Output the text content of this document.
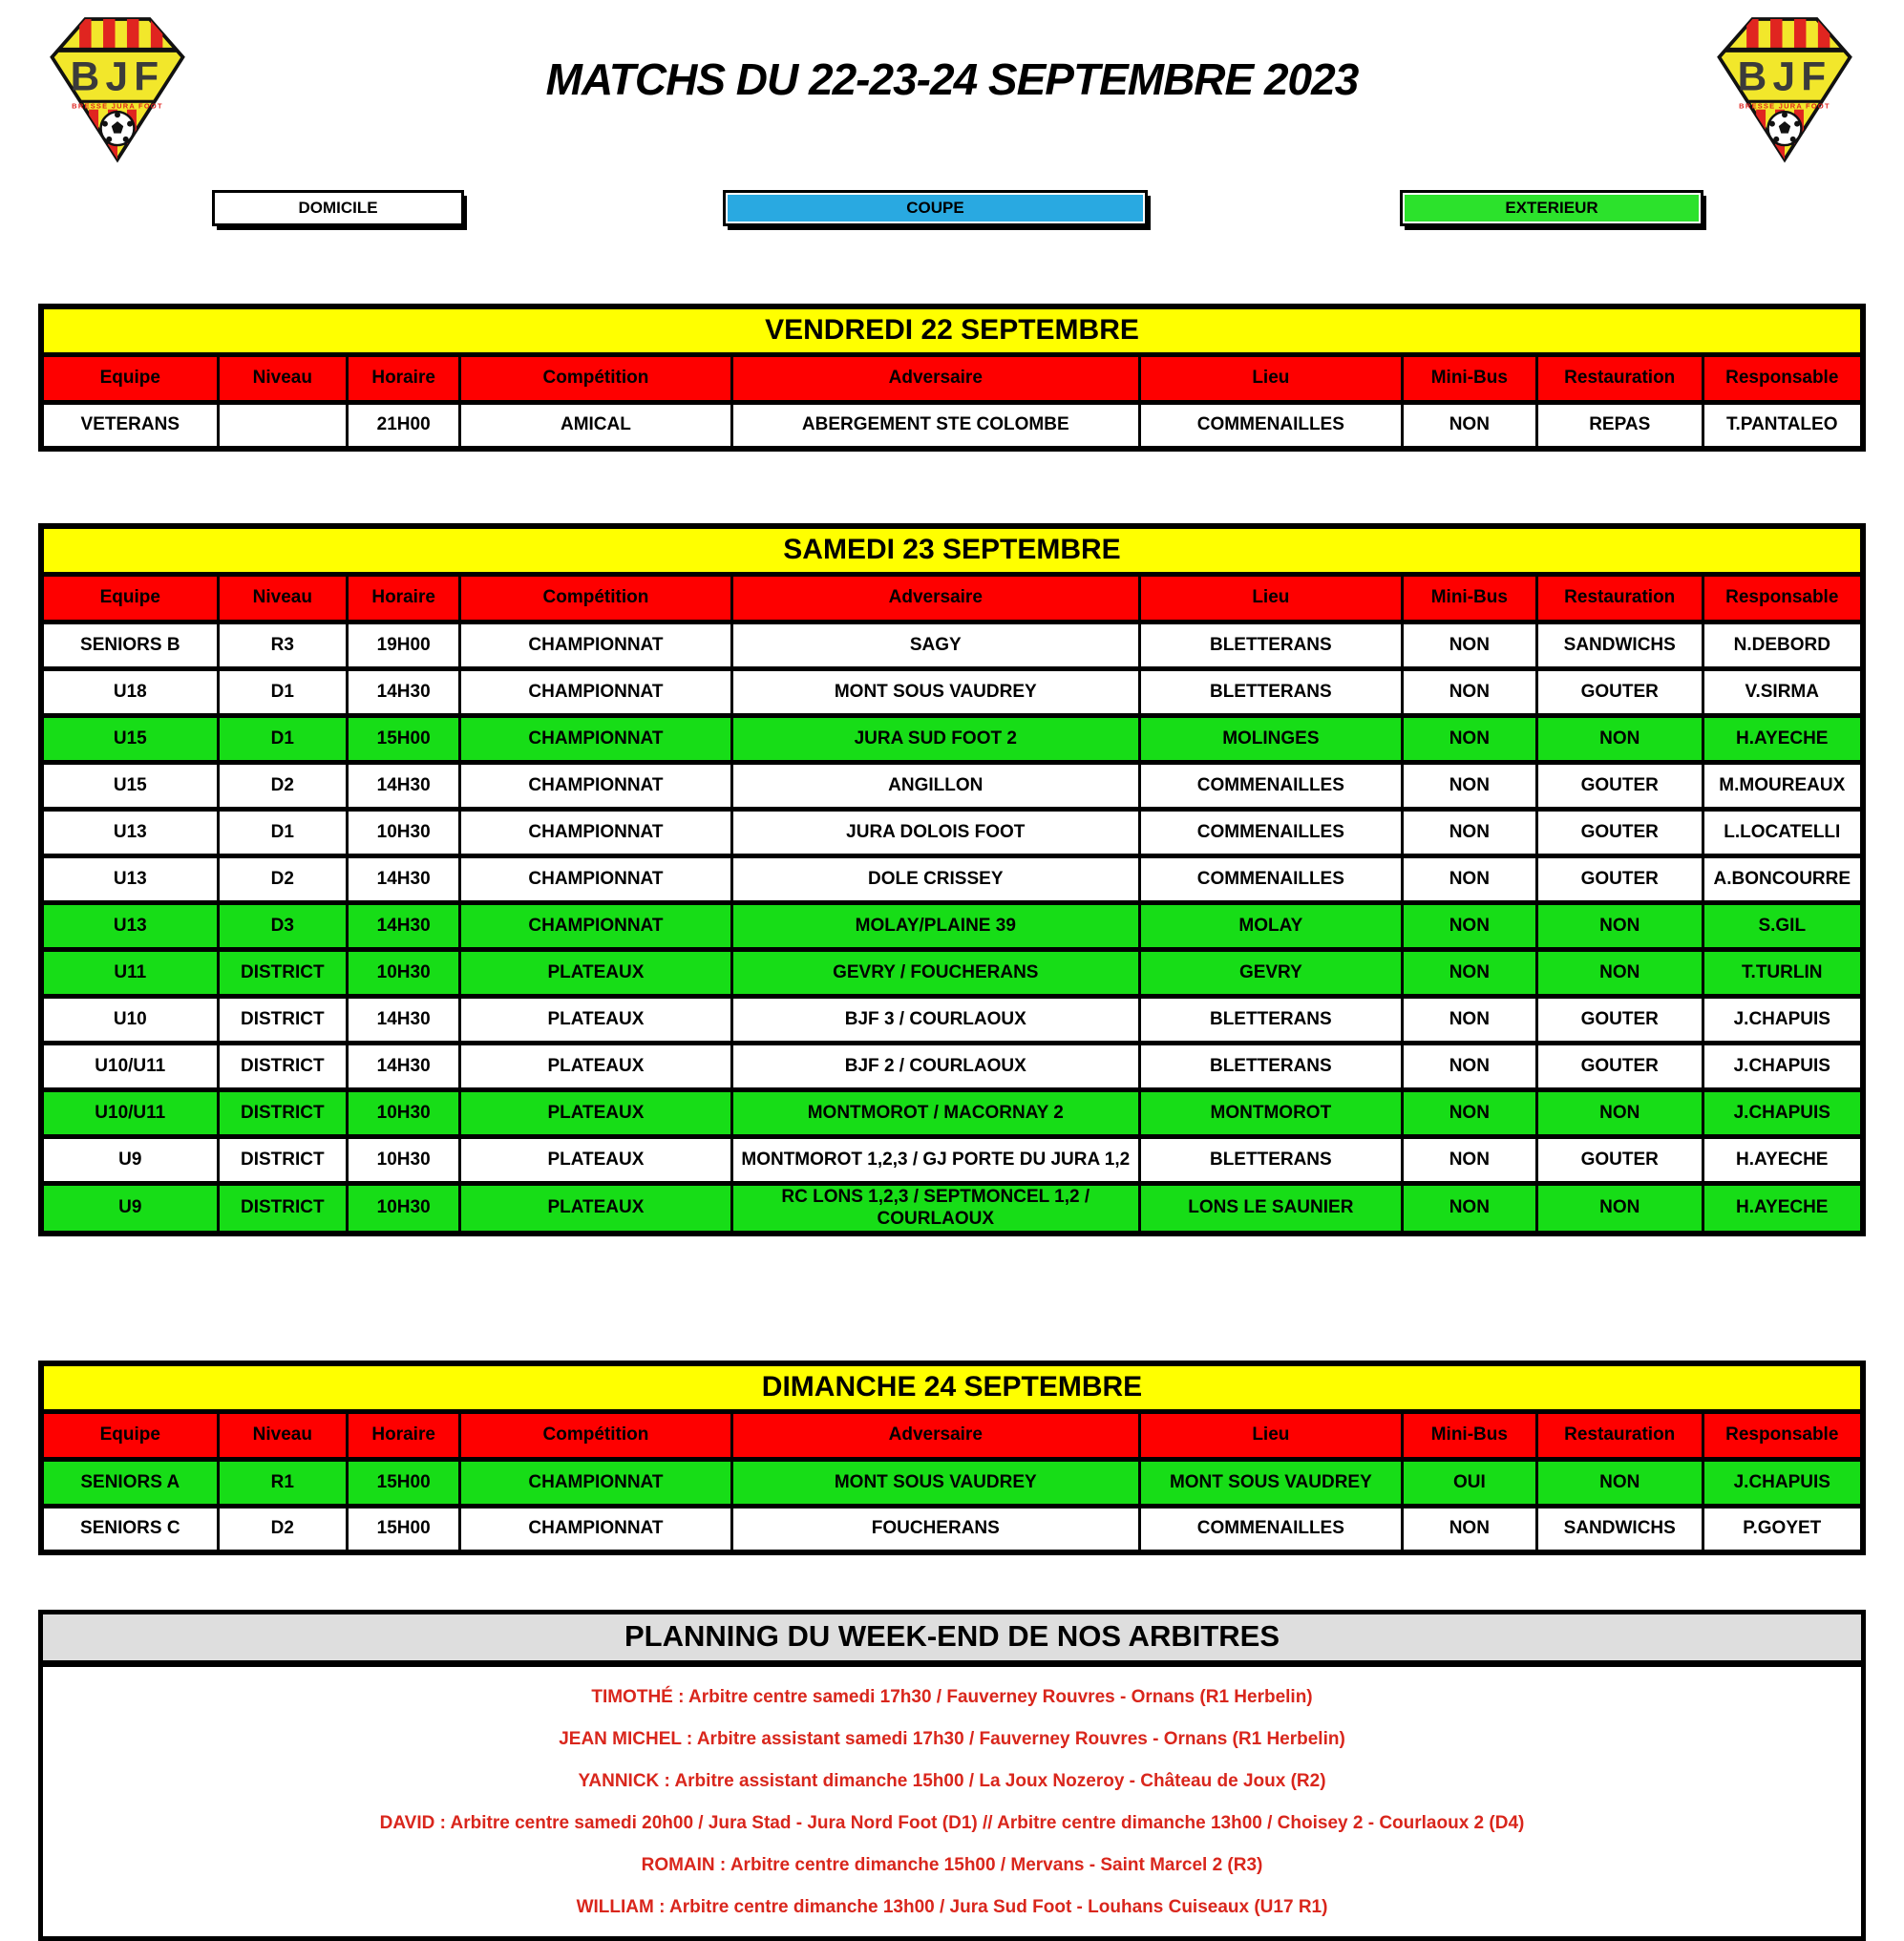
BJF
BRESSE JURA FOOT
BJF
BRESSE JURA FOOT
MATCHS DU 22-23-24 SEPTEMBRE 2023
DOMICILE	COUPE	EXTERIEUR
VENDREDI 22 SEPTEMBRE								
Equipe	Niveau	Horaire	Compétition	Adversaire	Lieu	Mini-Bus	Restauration	Responsable
VETERANS		21H00	AMICAL	ABERGEMENT STE COLOMBE	COMMENAILLES	NON	REPAS	T.PANTALEO
SAMEDI 23 SEPTEMBRE								
Equipe	Niveau	Horaire	Compétition	Adversaire	Lieu	Mini-Bus	Restauration	Responsable
SENIORS B	R3	19H00	CHAMPIONNAT	SAGY	BLETTERANS	NON	SANDWICHS	N.DEBORD
U18	D1	14H30	CHAMPIONNAT	MONT SOUS VAUDREY	BLETTERANS	NON	GOUTER	V.SIRMA
U15	D1	15H00	CHAMPIONNAT	JURA SUD FOOT 2	MOLINGES	NON	NON	H.AYECHE
U15	D2	14H30	CHAMPIONNAT	ANGILLON	COMMENAILLES	NON	GOUTER	M.MOUREAUX
U13	D1	10H30	CHAMPIONNAT	JURA DOLOIS FOOT	COMMENAILLES	NON	GOUTER	L.LOCATELLI
U13	D2	14H30	CHAMPIONNAT	DOLE CRISSEY	COMMENAILLES	NON	GOUTER	A.BONCOURRE
U13	D3	14H30	CHAMPIONNAT	MOLAY/PLAINE 39	MOLAY	NON	NON	S.GIL
U11	DISTRICT	10H30	PLATEAUX	GEVRY / FOUCHERANS	GEVRY	NON	NON	T.TURLIN
U10	DISTRICT	14H30	PLATEAUX	BJF 3 / COURLAOUX	BLETTERANS	NON	GOUTER	J.CHAPUIS
U10/U11	DISTRICT	14H30	PLATEAUX	BJF 2 / COURLAOUX	BLETTERANS	NON	GOUTER	J.CHAPUIS
U10/U11	DISTRICT	10H30	PLATEAUX	MONTMOROT / MACORNAY 2	MONTMOROT	NON	NON	J.CHAPUIS
U9	DISTRICT	10H30	PLATEAUX	MONTMOROT 1,2,3 / GJ PORTE DU JURA 1,2	BLETTERANS	NON	GOUTER	H.AYECHE
U9	DISTRICT	10H30	PLATEAUX	RC LONS 1,2,3 / SEPTMONCEL 1,2 / COURLAOUX	LONS LE SAUNIER	NON	NON	H.AYECHE
DIMANCHE 24 SEPTEMBRE								
Equipe	Niveau	Horaire	Compétition	Adversaire	Lieu	Mini-Bus	Restauration	Responsable
SENIORS A	R1	15H00	CHAMPIONNAT	MONT SOUS VAUDREY	MONT SOUS VAUDREY	OUI	NON	J.CHAPUIS
SENIORS C	D2	15H00	CHAMPIONNAT	FOUCHERANS	COMMENAILLES	NON	SANDWICHS	P.GOYET
PLANNING DU WEEK-END DE NOS ARBITRES

TIMOTHÉ : Arbitre centre samedi 17h30 / Fauverney Rouvres - Ornans (R1 Herbelin)

JEAN MICHEL : Arbitre assistant samedi 17h30 / Fauverney Rouvres - Ornans (R1 Herbelin)

YANNICK : Arbitre assistant dimanche 15h00 / La Joux Nozeroy - Château de Joux (R2)

DAVID : Arbitre centre samedi 20h00 / Jura Stad - Jura Nord Foot (D1) // Arbitre centre dimanche 13h00 / Choisey 2 - Courlaoux 2 (D4)

ROMAIN : Arbitre centre dimanche 15h00 / Mervans - Saint Marcel 2 (R3)

WILLIAM : Arbitre centre dimanche 13h00 / Jura Sud Foot - Louhans Cuiseaux (U17 R1)
